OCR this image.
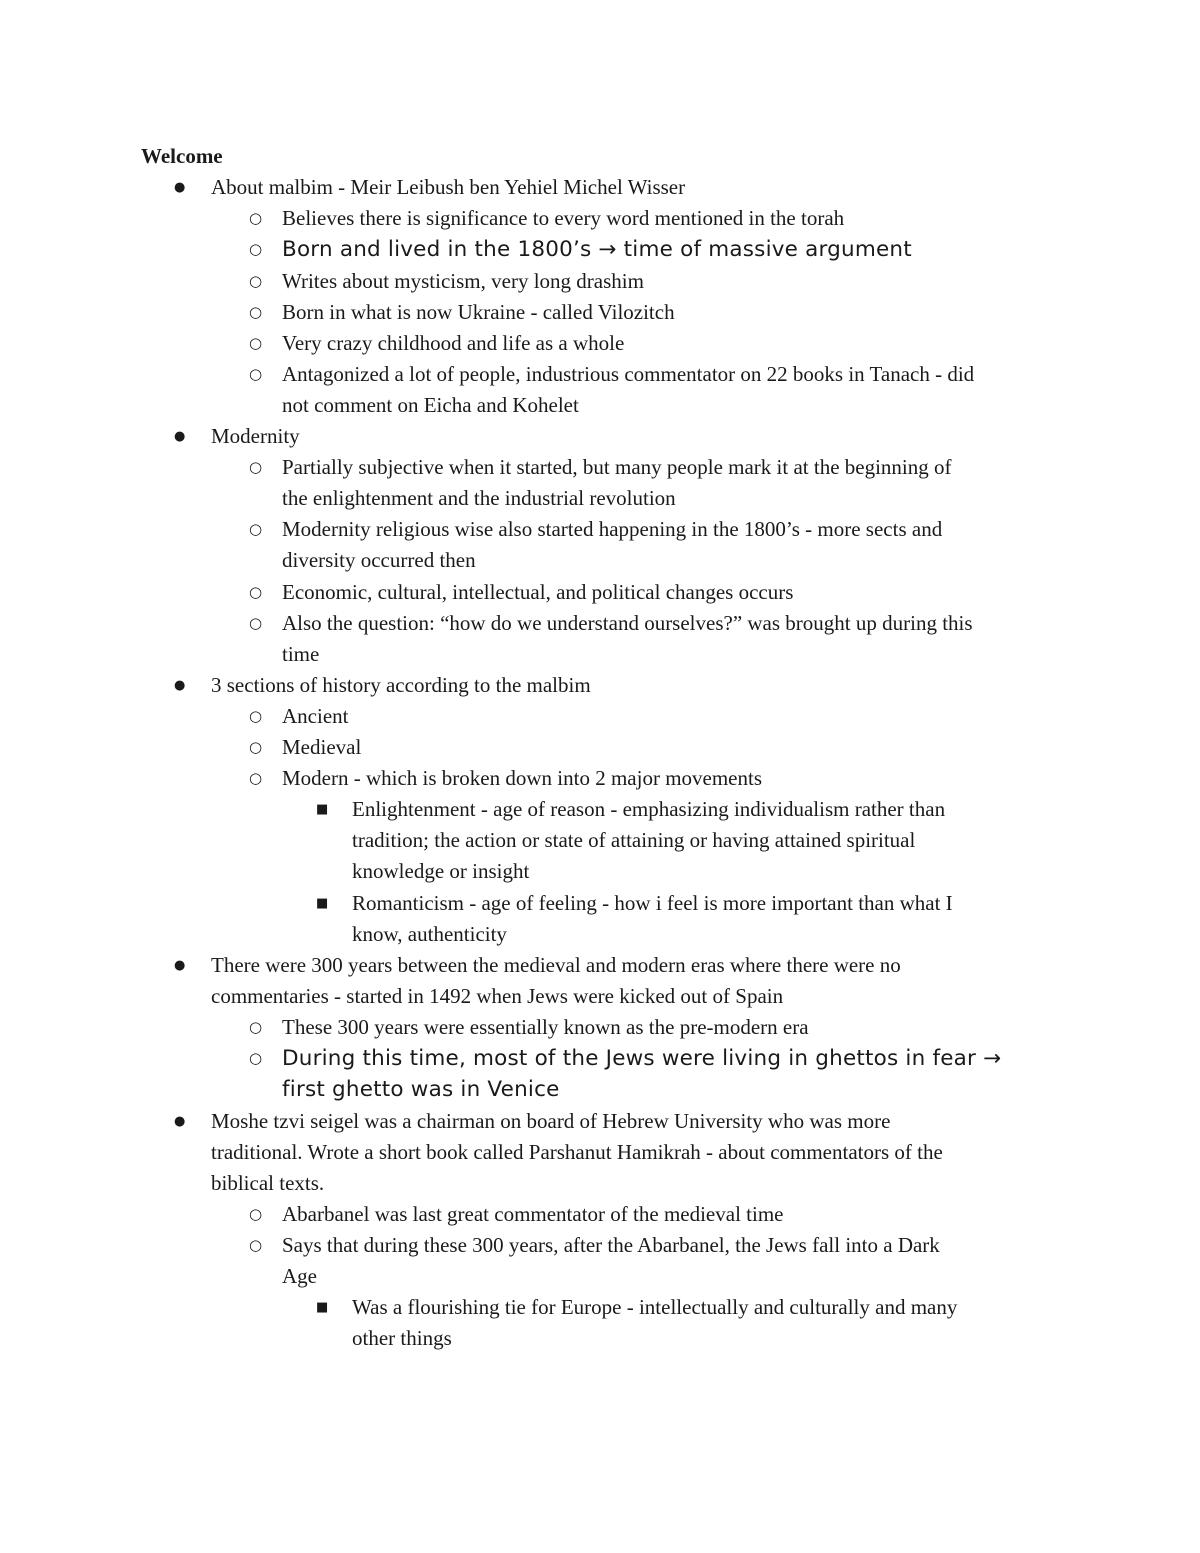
Welcome
● About malbim - Meir Leibush ben Yehiel Michel Wisser
○ Believes there is significance to every word mentioned in the torah
○ Born and lived in the 1800’s → time of massive argument
○ Writes about mysticism, very long drashim
○ Born in what is now Ukraine - called Vilozitch
○ Very crazy childhood and life as a whole
○ Antagonized a lot of people, industrious commentator on 22 books in Tanach - did
not comment on Eicha and Kohelet
● Modernity
○ Partially subjective when it started, but many people mark it at the beginning of
the enlightenment and the industrial revolution
○ Modernity religious wise also started happening in the 1800’s - more sects and
diversity occurred then
○ Economic, cultural, intellectual, and political changes occurs
○ Also the question: “how do we understand ourselves?” was brought up during this
time
● 3 sections of history according to the malbim
○ Ancient
○ Medieval
○ Modern - which is broken down into 2 major movements
■ Enlightenment - age of reason - emphasizing individualism rather than
tradition; the action or state of attaining or having attained spiritual
knowledge or insight
■ Romanticism - age of feeling - how i feel is more important than what I
know, authenticity
● There were 300 years between the medieval and modern eras where there were no
commentaries - started in 1492 when Jews were kicked out of Spain
○ These 300 years were essentially known as the pre-modern era
○ During this time, most of the Jews were living in ghettos in fear →
first ghetto was in Venice
● Moshe tzvi seigel was a chairman on board of Hebrew University who was more
traditional. Wrote a short book called Parshanut Hamikrah - about commentators of the
biblical texts.
○ Abarbanel was last great commentator of the medieval time
○ Says that during these 300 years, after the Abarbanel, the Jews fall into a Dark
Age
■ Was a flourishing tie for Europe - intellectually and culturally and many
other things
